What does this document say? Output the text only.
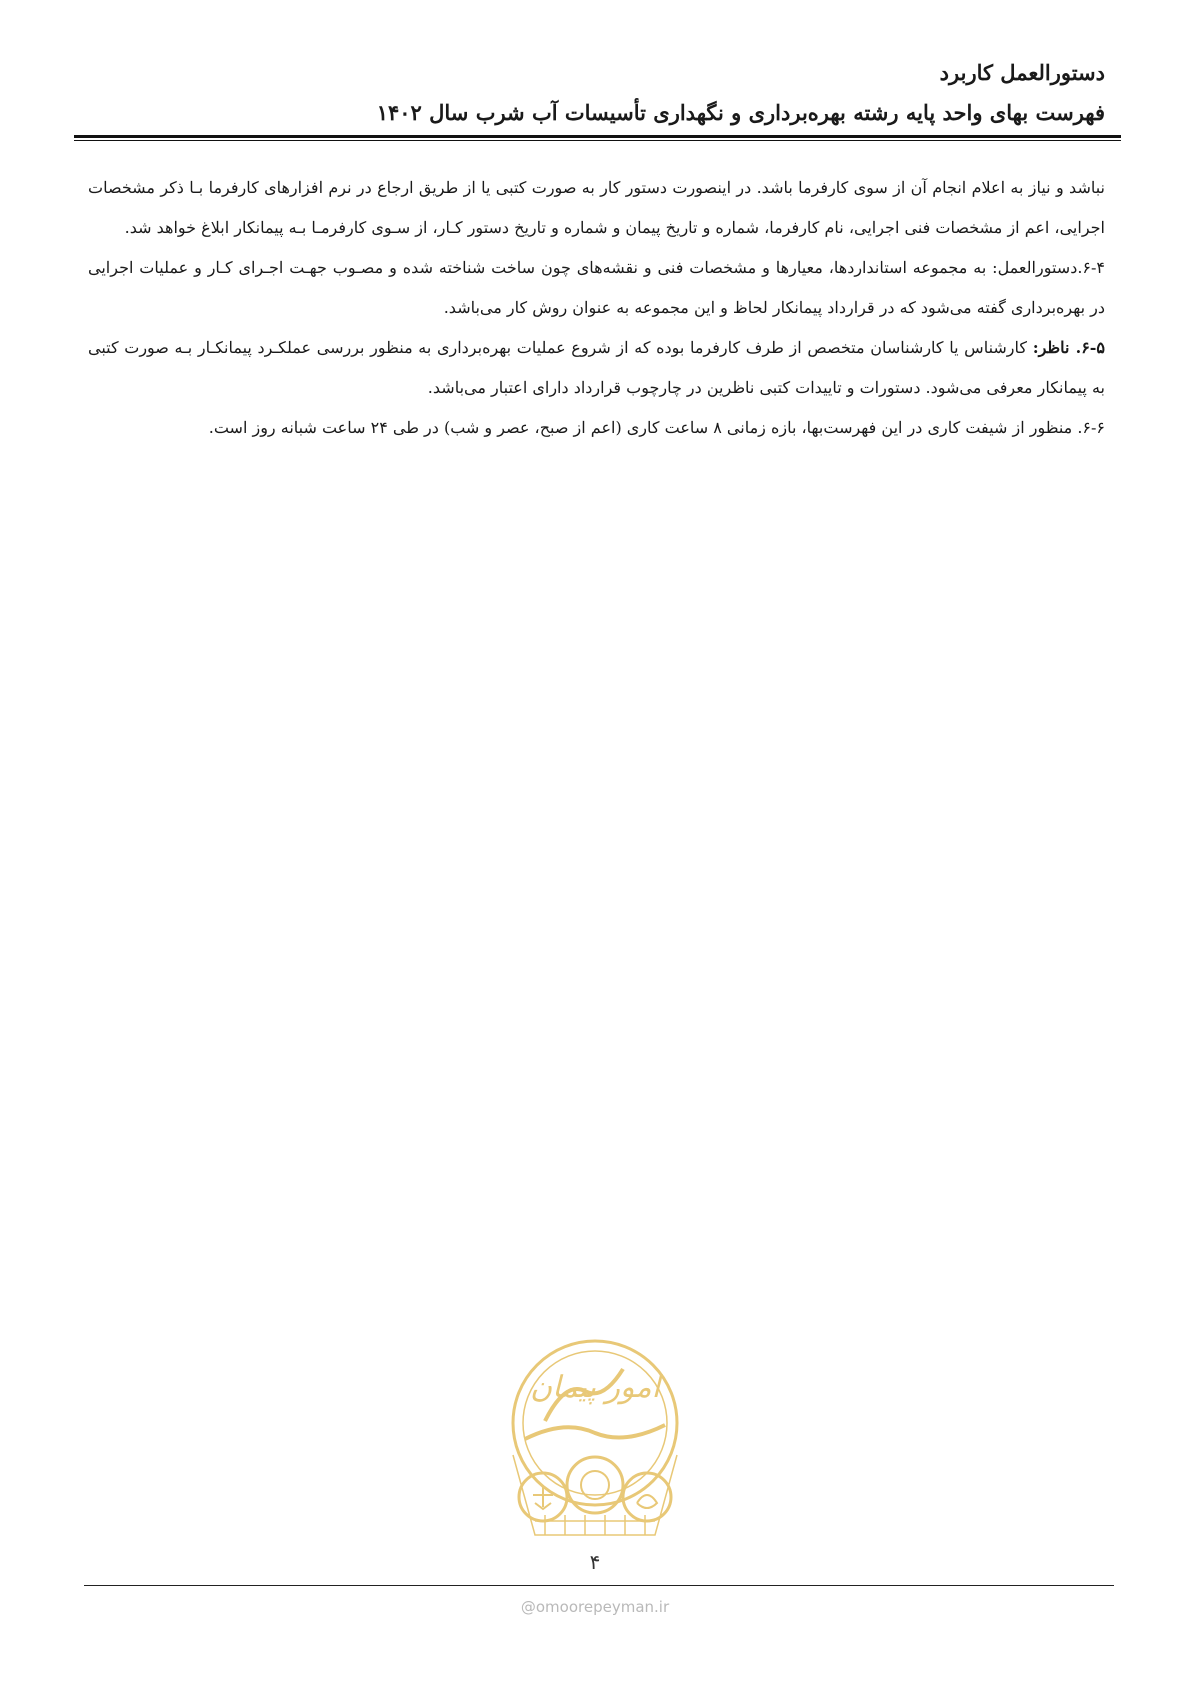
دستورالعمل کاربرد
فهرست بهای واحد پایه رشته بهره‌برداری و نگهداری تأسیسات آب شرب سال ۱۴۰۲

نباشد و نیاز به اعلام انجام آن از سوی کارفرما باشد. در اینصورت دستور کار به صورت کتبی یا از طریق ارجاع در نرم افزارهای کارفرما بـا ذکر مشخصات اجرایی، اعم از مشخصات فنی اجرایی، نام کارفرما، شماره و تاریخ پیمان و شماره و تاریخ دستور کـار، از سـوی کارفرمـا بـه پیمانکار ابلاغ خواهد شد.

۶-۴.دستورالعمل: به مجموعه استانداردها، معیارها و مشخصات فنی و نقشه‌های چون ساخت شناخته شده و مصـوب جهـت اجـرای کـار و عملیات اجرایی در بهره‌برداری گفته می‌شود که در قرارداد پیمانکار لحاظ و این مجموعه به عنوان روش کار می‌باشد.

۶-۵. ناظر: کارشناس یا کارشناسان متخصص از طرف کارفرما بوده که از شروع عملیات بهره‌برداری به منظور بررسی عملکـرد پیمانکـار بـه صورت کتبی به پیمانکار معرفی می‌شود. دستورات و تاییدات کتبی ناظرین در چارچوب قرارداد دارای اعتبار می‌باشد.

۶-۶. منظور از شیفت کاری در این فهرست‌بها، بازه زمانی ۸ ساعت کاری (اعم از صبح، عصر و شب) در طی ۲۴ ساعت شبانه روز است.

امور پیمان
۴
@omoorepeyman.ir
